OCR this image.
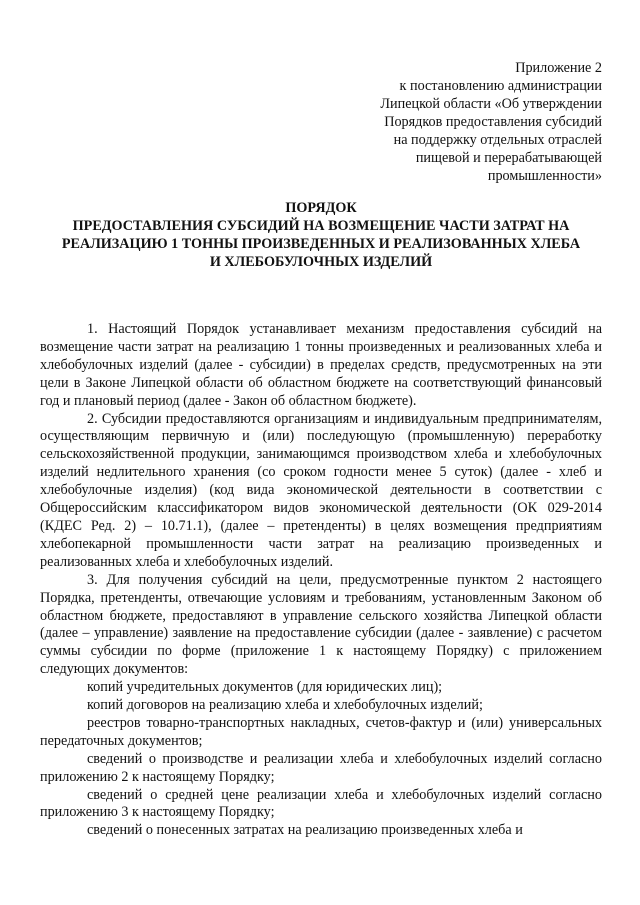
Приложение 2
к постановлению администрации
Липецкой области «Об утверждении
Порядков предоставления субсидий
на поддержку отдельных отраслей
пищевой и перерабатывающей
промышленности»
ПОРЯДОК
ПРЕДОСТАВЛЕНИЯ СУБСИДИЙ НА ВОЗМЕЩЕНИЕ ЧАСТИ ЗАТРАТ НА
РЕАЛИЗАЦИЮ 1 ТОННЫ ПРОИЗВЕДЕННЫХ И РЕАЛИЗОВАННЫХ ХЛЕБА
И ХЛЕБОБУЛОЧНЫХ ИЗДЕЛИЙ

1. Настоящий Порядок устанавливает механизм предоставления субсидий на возмещение части затрат на реализацию 1 тонны произведенных и реализованных хлеба и хлебобулочных изделий (далее - субсидии) в пределах средств, предусмотренных на эти цели в Законе Липецкой области об областном бюджете на соответствующий финансовый год и плановый период (далее - Закон об областном бюджете).

2. Субсидии предоставляются организациям и индивидуальным предпринимателям, осуществляющим первичную и (или) последующую (промышленную) переработку сельскохозяйственной продукции, занимающимся производством хлеба и хлебобулочных изделий недлительного хранения (со сроком годности менее 5 суток) (далее - хлеб и хлебобулочные изделия) (код вида экономической деятельности в соответствии с Общероссийским классификатором видов экономической деятельности (ОК 029-2014 (КДЕС Ред. 2) – 10.71.1), (далее – претенденты) в целях возмещения предприятиям хлебопекарной промышленности части затрат на реализацию произведенных и реализованных хлеба и хлебобулочных изделий.

3. Для получения субсидий на цели, предусмотренные пунктом 2 настоящего Порядка, претенденты, отвечающие условиям и требованиям, установленным Законом об областном бюджете, предоставляют в управление сельского хозяйства Липецкой области (далее – управление) заявление на предоставление субсидии (далее - заявление) с расчетом суммы субсидии по форме (приложение 1 к настоящему Порядку) с приложением следующих документов:

копий учредительных документов (для юридических лиц);

копий договоров на реализацию хлеба и хлебобулочных изделий;

реестров товарно-транспортных накладных, счетов-фактур и (или) универсальных передаточных документов;

сведений о производстве и реализации хлеба и хлебобулочных изделий согласно приложению 2 к настоящему Порядку;

сведений о средней цене реализации хлеба и хлебобулочных изделий согласно приложению 3 к настоящему Порядку;

сведений о понесенных затратах на реализацию произведенных хлеба и
